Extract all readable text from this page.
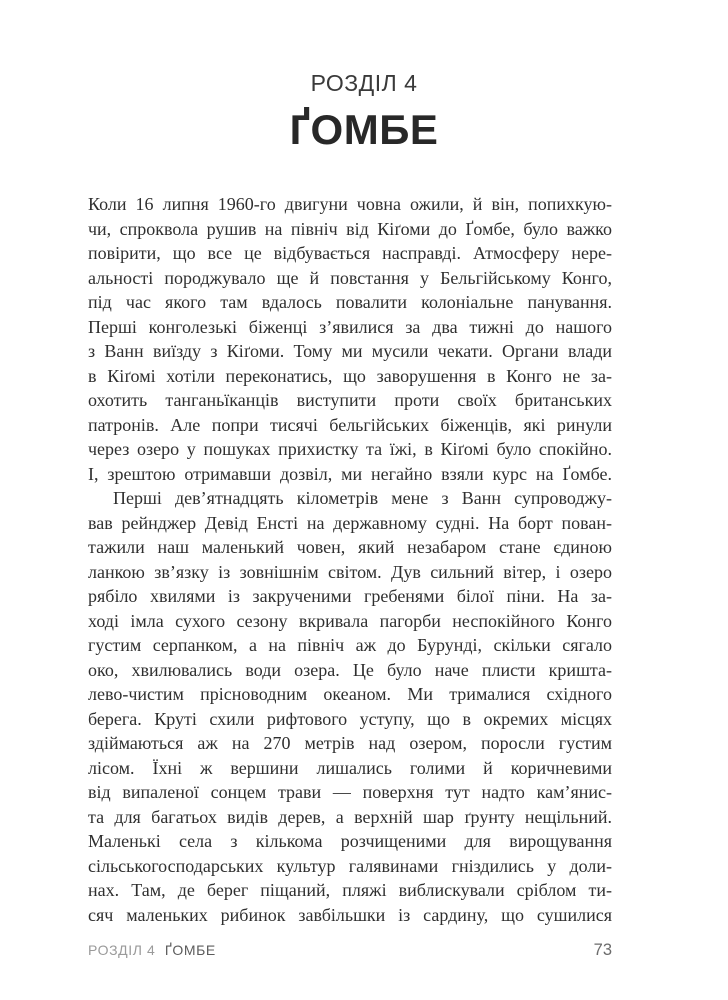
РОЗДІЛ 4
ҐОМБЕ
Коли 16 липня 1960-го двигуни човна ожили, й він, попихкую-
чи, спроквола рушив на північ від Кіґоми до Ґомбе, було важко
повірити, що все це відбувається насправді. Атмосферу нере-
альності породжувало ще й повстання у Бельгійському Конго,
під час якого там вдалось повалити колоніальне панування.
Перші конголезькі біженці з’явилися за два тижні до нашого
з Ванн виїзду з Кіґоми. Тому ми мусили чекати. Органи влади
в Кіґомі хотіли переконатись, що заворушення в Конго не за-
охотить танганьїканців виступити проти своїх британських
патронів. Але попри тисячі бельгійських біженців, які ринули
через озеро у пошуках прихистку та їжі, в Кіґомі було спокійно.
І, зрештою отримавши дозвіл, ми негайно взяли курс на Ґомбе.
Перші дев’ятнадцять кілометрів мене з Ванн супроводжу-
вав рейнджер Девід Енсті на державному судні. На борт пован-
тажили наш маленький човен, який незабаром стане єдиною
ланкою зв’язку із зовнішнім світом. Дув сильний вітер, і озеро
рябіло хвилями із закрученими гребенями білої піни. На за-
ході імла сухого сезону вкривала пагорби неспокійного Конго
густим серпанком, а на північ аж до Бурунді, скільки сягало
око, хвилювались води озера. Це було наче плисти кришта-
лево-чистим прісноводним океаном. Ми трималися східного
берега. Круті схили рифтового уступу, що в окремих місцях
здіймаються аж на 270 метрів над озером, поросли густим
лісом. Їхні ж вершини лишались голими й коричневими
від випаленої сонцем трави — поверхня тут надто кам’янис-
та для багатьох видів дерев, а верхній шар ґрунту нещільний.
Маленькі села з кількома розчищеними для вирощування
сільськогосподарських культур галявинами гніздились у доли-
нах. Там, де берег піщаний, пляжі виблискували сріблом ти-
сяч маленьких рибинок завбільшки із сардину, що сушилися
РОЗДІЛ 4 ҐОМБЕ	73
